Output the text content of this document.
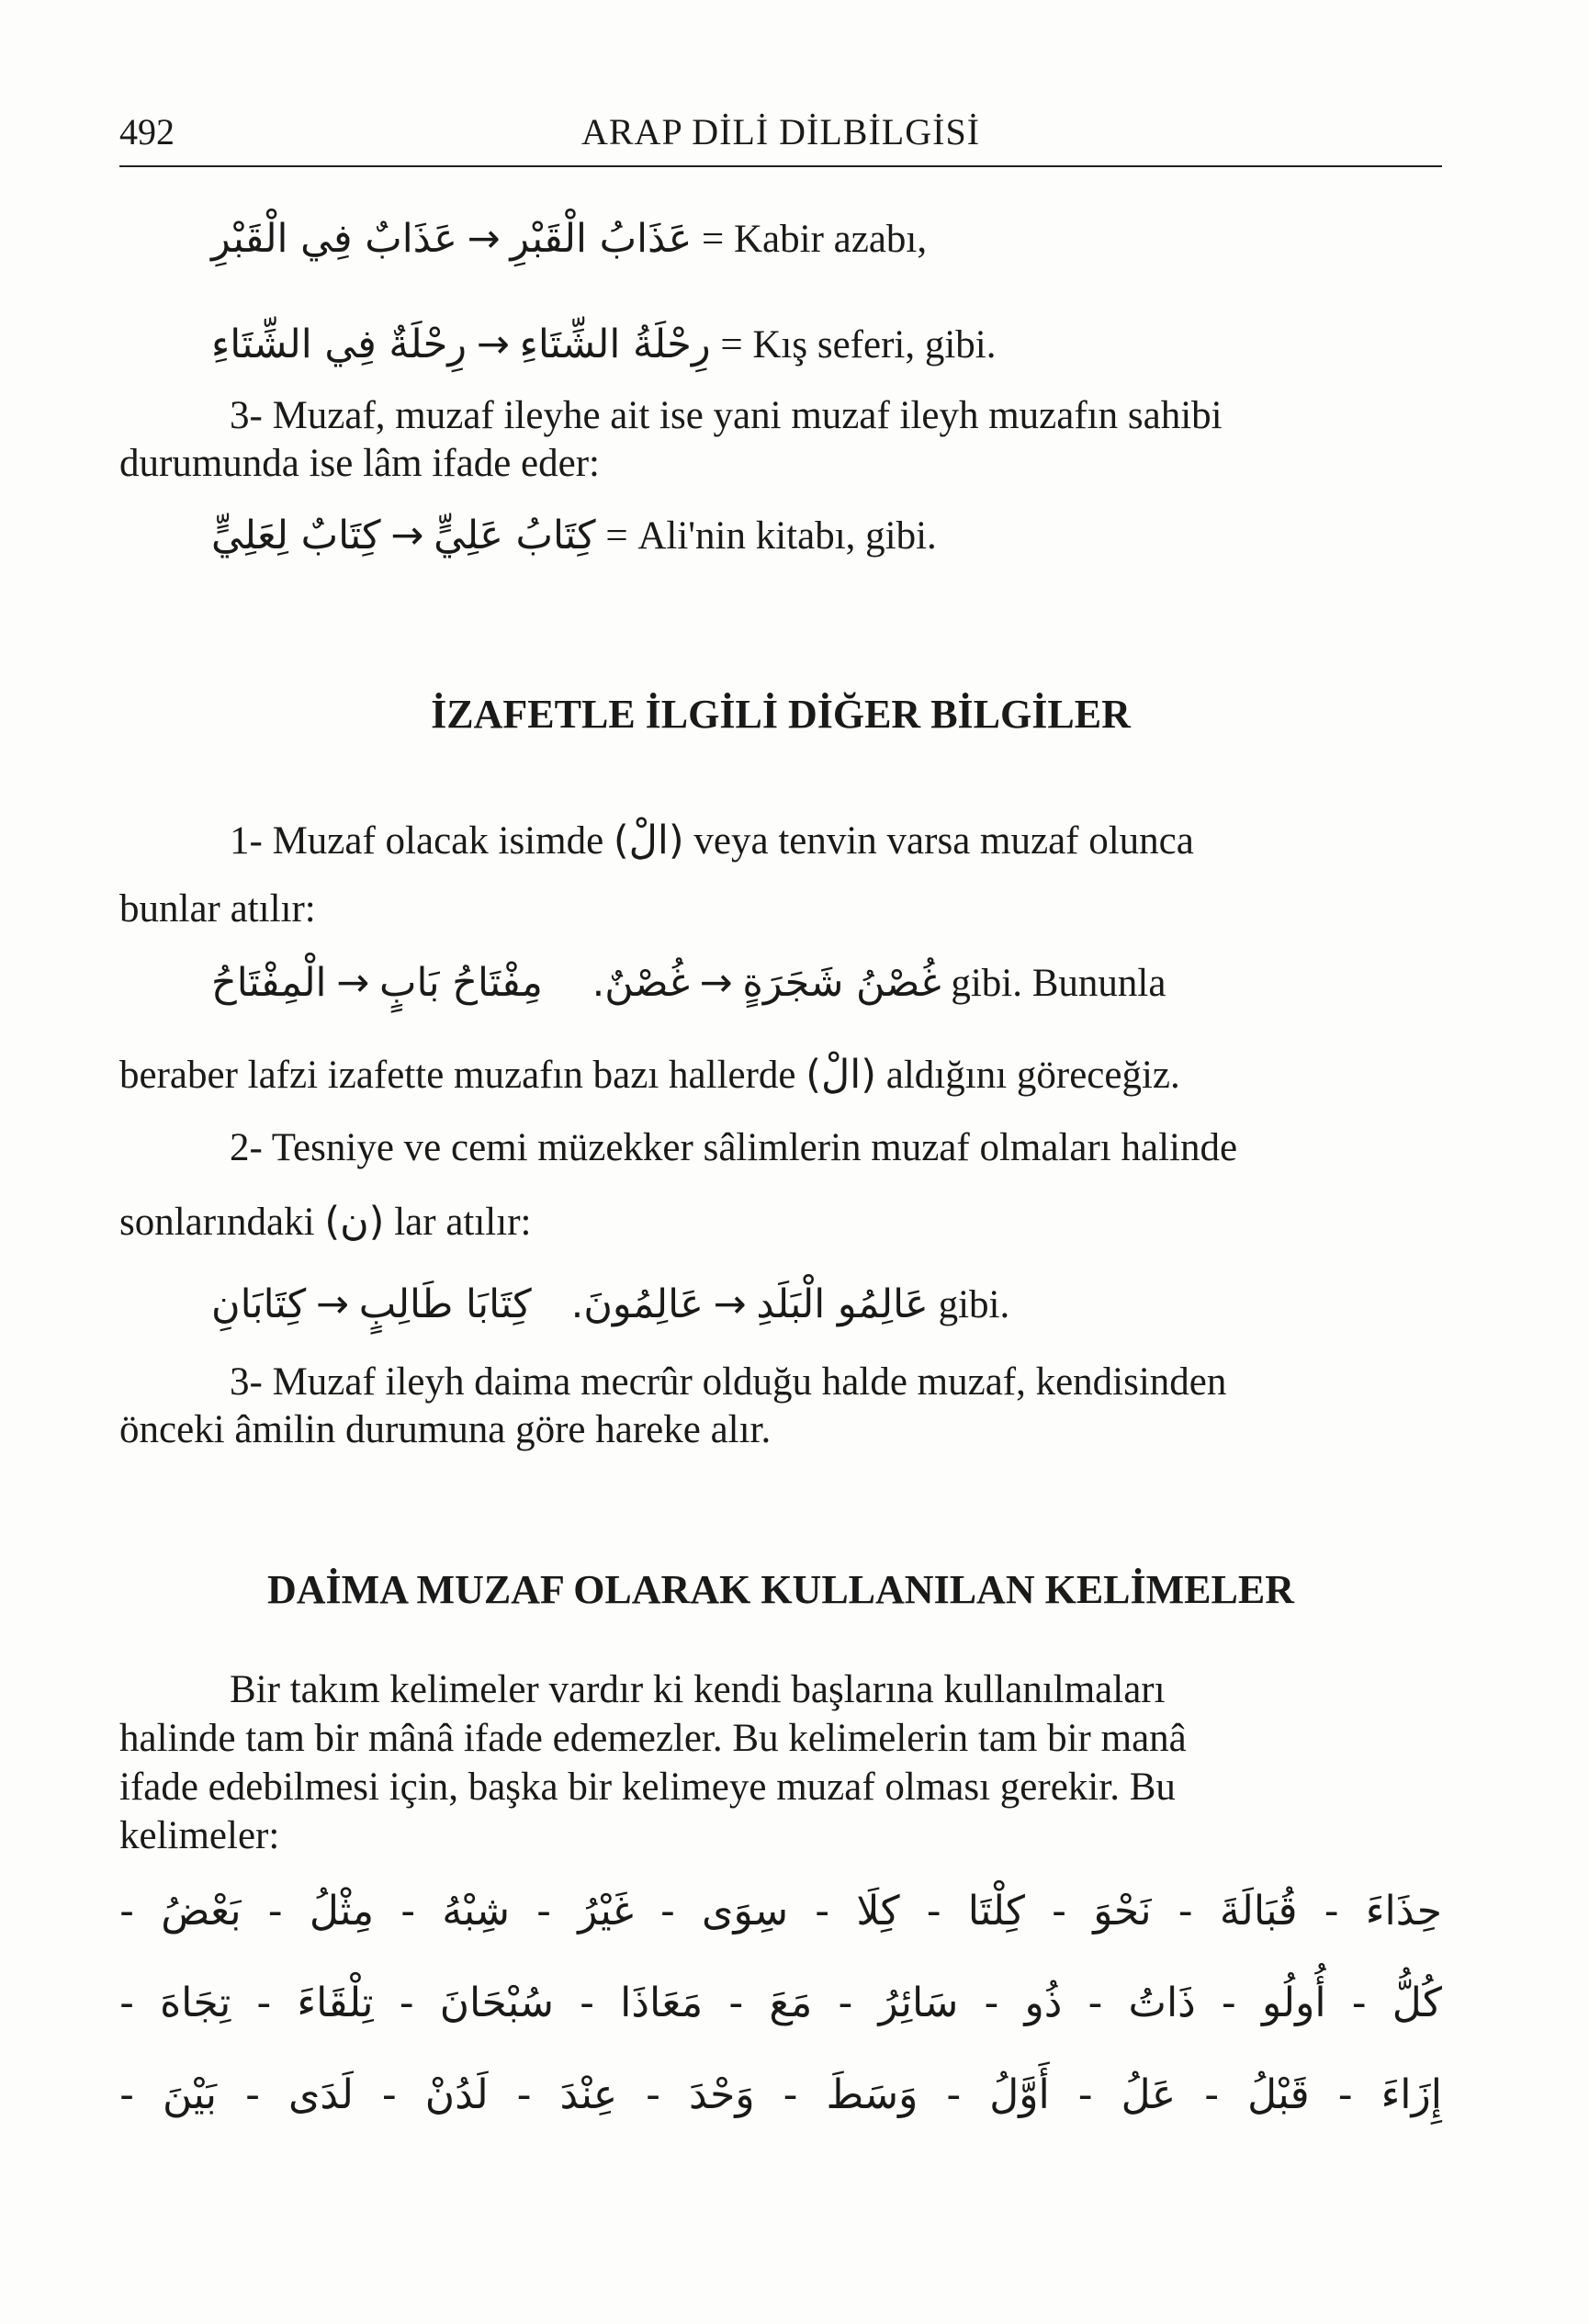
492	ARAP DİLİ DİLBİLGİSİ
عَذَابٌ فِي الْقَبْرِ → عَذَابُ الْقَبْرِ = Kabir azabı,
رِحْلَةٌ فِي الشِّتَاءِ → رِحْلَةُ الشِّتَاءِ = Kış seferi, gibi.
3- Muzaf, muzaf ileyhe ait ise yani muzaf ileyh muzafın sahibi
durumunda ise lâm ifade eder:
كِتَابٌ لِعَلِيٍّ → كِتَابُ عَلِيٍّ = Ali'nin kitabı, gibi.
İZAFETLE İLGİLİ DİĞER BİLGİLER
1- Muzaf olacak isimde (الْ) veya tenvin varsa muzaf olunca
bunlar atılır:
الْمِفْتَاحُ → مِفْتَاحُ بَابٍ غُصْنٌ. → غُصْنُ شَجَرَةٍ gibi. Bununla
beraber lafzi izafette muzafın bazı hallerde (الْ) aldığını göreceğiz.
2- Tesniye ve cemi müzekker sâlimlerin muzaf olmaları halinde
sonlarındaki (ن) lar atılır:
كِتَابَانِ → كِتَابَا طَالِبٍ عَالِمُونَ. → عَالِمُو الْبَلَدِ gibi.
3- Muzaf ileyh daima mecrûr olduğu halde muzaf, kendisinden
önceki âmilin durumuna göre hareke alır.
DAİMA MUZAF OLARAK KULLANILAN KELİMELER
Bir takım kelimeler vardır ki kendi başlarına kullanılmaları
halinde tam bir mânâ ifade edemezler. Bu kelimelerin tam bir manâ
ifade edebilmesi için, başka bir kelimeye muzaf olması gerekir. Bu
kelimeler:
حِذَاءَ
-
قُبَالَةَ
-
نَحْوَ
-
كِلْتَا
-
كِلَا
-
سِوَى
-
غَيْرُ
-
شِبْهُ
-
مِثْلُ
-
بَعْضُ
-
كُلُّ
-
أُولُو
-
ذَاتُ
-
ذُو
-
سَائِرُ
-
مَعَ
-
مَعَاذَا
-
سُبْحَانَ
-
تِلْقَاءَ
-
تِجَاهَ
-
إِزَاءَ
-
قَبْلُ
-
عَلُ
-
أَوَّلُ
-
وَسَطَ
-
وَحْدَ
-
عِنْدَ
-
لَدُنْ
-
لَدَى
-
بَيْنَ
-
